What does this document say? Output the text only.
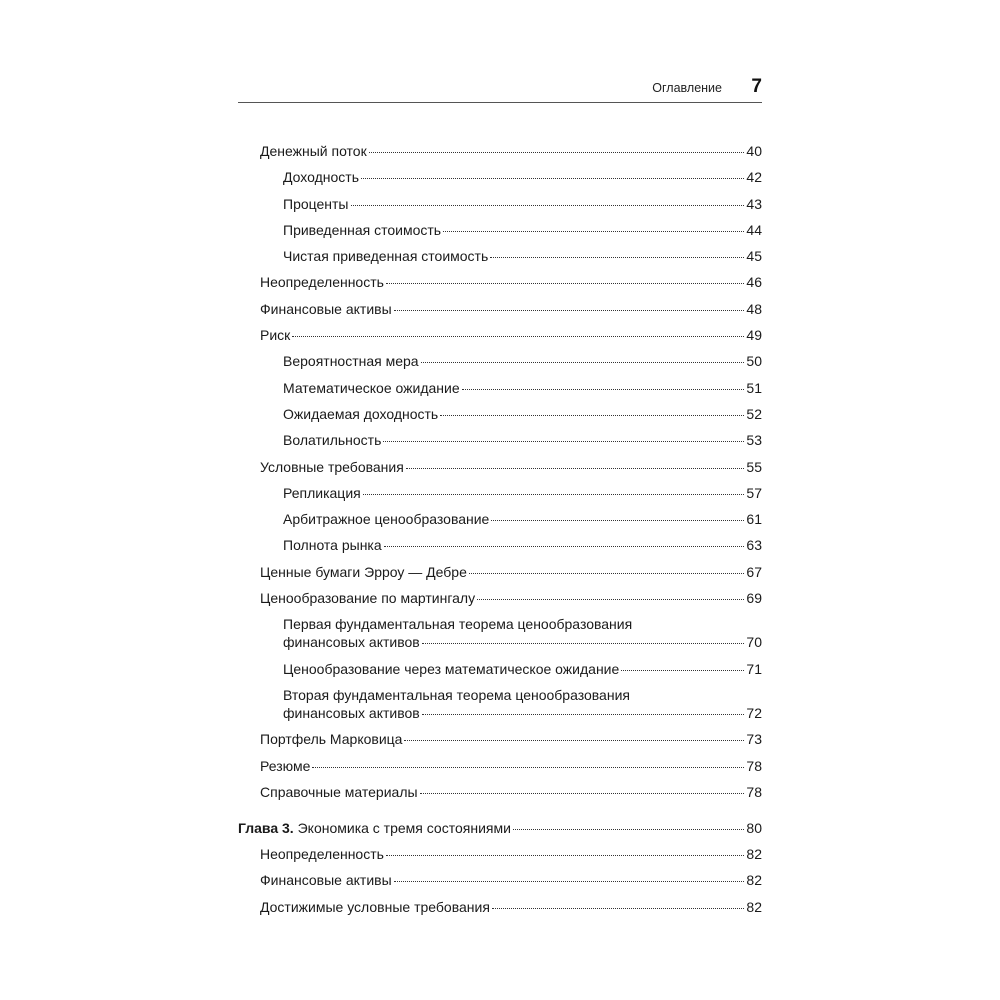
Оглавление 7
Денежный поток	40
Доходность	42
Проценты	43
Приведенная стоимость	44
Чистая приведенная стоимость	45
Неопределенность	46
Финансовые активы	48
Риск	49
Вероятностная мера	50
Математическое ожидание	51
Ожидаемая доходность	52
Волатильность	53
Условные требования	55
Репликация	57
Арбитражное ценообразование	61
Полнота рынка	63
Ценные бумаги Эрроу — Дебре	67
Ценообразование по мартингалу	69
Первая фундаментальная теорема ценообразования
финансовых активов	70
Ценообразование через математическое ожидание	71
Вторая фундаментальная теорема ценообразования
финансовых активов	72
Портфель Марковица	73
Резюме	78
Справочные материалы	78
Глава 3. Экономика с тремя состояниями	80
Неопределенность	82
Финансовые активы	82
Достижимые условные требования	82
